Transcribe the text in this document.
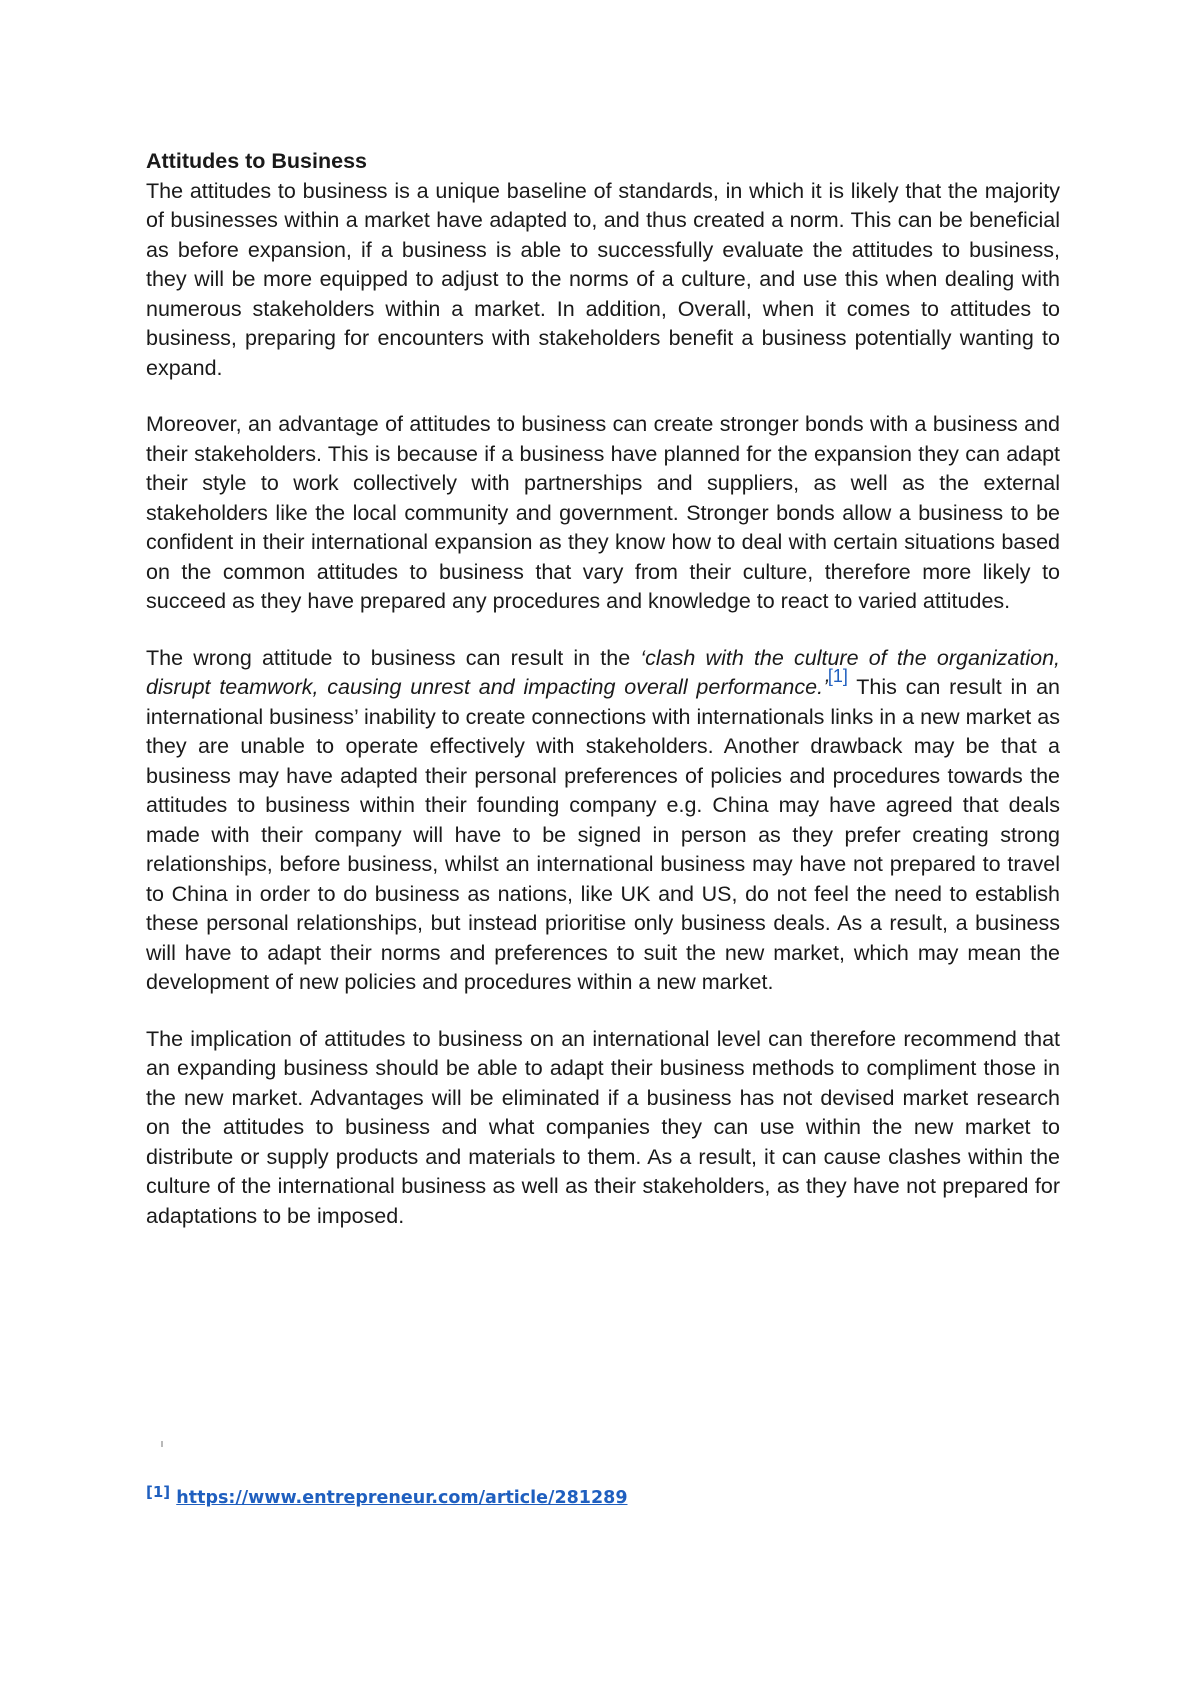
Attitudes to Business

The attitudes to business is a unique baseline of standards, in which it is likely that the majority of businesses within a market have adapted to, and thus created a norm. This can be beneficial as before expansion, if a business is able to successfully evaluate the attitudes to business, they will be more equipped to adjust to the norms of a culture, and use this when dealing with numerous stakeholders within a market. In addition, Overall, when it comes to attitudes to business, preparing for encounters with stakeholders benefit a business potentially wanting to expand.

Moreover, an advantage of attitudes to business can create stronger bonds with a business and their stakeholders. This is because if a business have planned for the expansion they can adapt their style to work collectively with partnerships and suppliers, as well as the external stakeholders like the local community and government. Stronger bonds allow a business to be confident in their international expansion as they know how to deal with certain situations based on the common attitudes to business that vary from their culture, therefore more likely to succeed as they have prepared any procedures and knowledge to react to varied attitudes.

The wrong attitude to business can result in the ‘clash with the culture of the organization, disrupt teamwork, causing unrest and impacting overall performance.’[1] This can result in an international business’ inability to create connections with internationals links in a new market as they are unable to operate effectively with stakeholders. Another drawback may be that a business may have adapted their personal preferences of policies and procedures towards the attitudes to business within their founding company e.g. China may have agreed that deals made with their company will have to be signed in person as they prefer creating strong relationships, before business, whilst an international business may have not prepared to travel to China in order to do business as nations, like UK and US, do not feel the need to establish these personal relationships, but instead prioritise only business deals. As a result, a business will have to adapt their norms and preferences to suit the new market, which may mean the development of new policies and procedures within a new market.

The implication of attitudes to business on an international level can therefore recommend that an expanding business should be able to adapt their business methods to compliment those in the new market. Advantages will be eliminated if a business has not devised market research on the attitudes to business and what companies they can use within the new market to distribute or supply products and materials to them. As a result, it can cause clashes within the culture of the international business as well as their stakeholders, as they have not prepared for adaptations to be imposed.

[1] https://www.entrepreneur.com/article/281289
